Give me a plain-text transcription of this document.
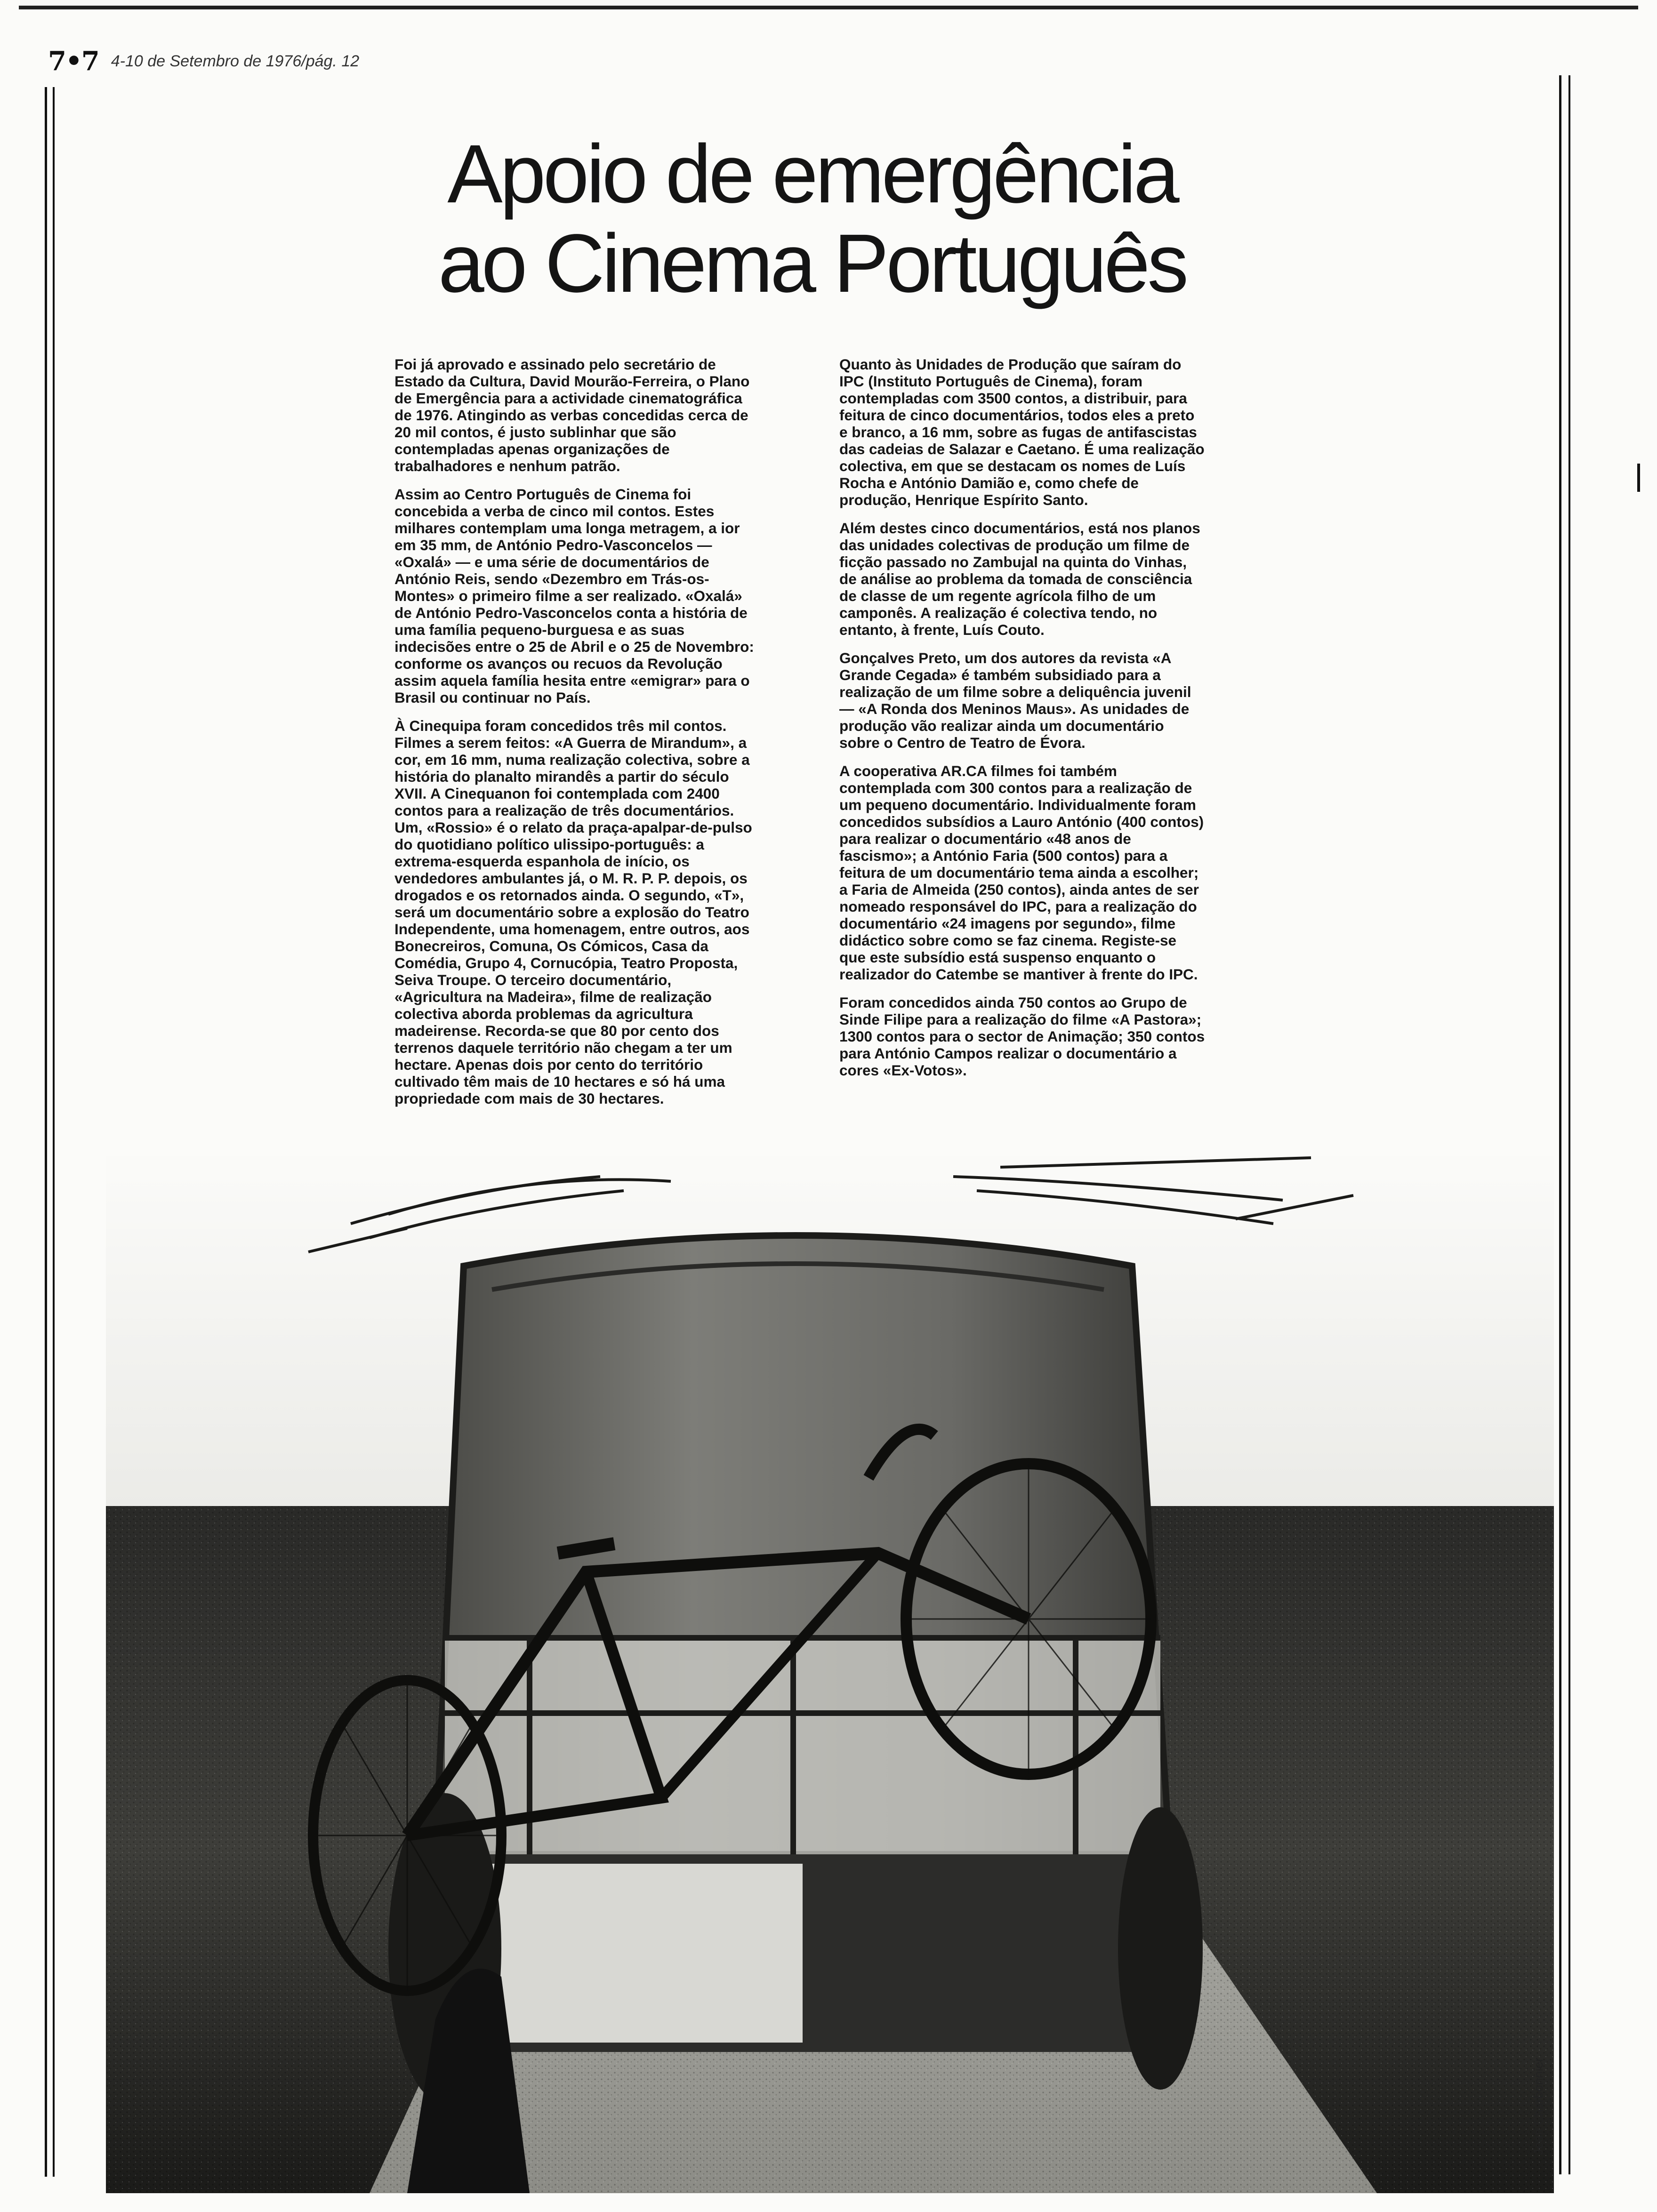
7•7 4-10 de Setembro de 1976/pág. 12
Apoio de emergência
ao Cinema Português

Foi já aprovado e assinado pelo secretário de Estado da Cultura, David Mourão-Ferreira, o Plano de Emergência para a actividade cinematográfica de 1976. Atingindo as verbas concedidas cerca de 20 mil contos, é justo sublinhar que são contempladas apenas organizações de trabalhadores e nenhum patrão.

Assim ao Centro Português de Cinema foi concebida a verba de cinco mil contos. Estes milhares contemplam uma longa metragem, a ior em 35 mm, de António Pedro-Vasconcelos — «Oxalá» — e uma série de documentários de António Reis, sendo «Dezembro em Trás-os-Montes» o primeiro filme a ser realizado. «Oxalá» de António Pedro-Vasconcelos conta a história de uma família pequeno-burguesa e as suas indecisões entre o 25 de Abril e o 25 de Novembro: conforme os avanços ou recuos da Revolução assim aquela família hesita entre «emigrar» para o Brasil ou continuar no País.

À Cinequipa foram concedidos três mil contos. Filmes a serem feitos: «A Guerra de Mirandum», a cor, em 16 mm, numa realização colectiva, sobre a história do planalto mirandês a partir do século XVII. A Cinequanon foi contemplada com 2400 contos para a realização de três documentários. Um, «Rossio» é o relato da praça-apalpar-de-pulso do quotidiano político ulissipo-português: a extrema-esquerda espanhola de início, os vendedores ambulantes já, o M. R. P. P. depois, os drogados e os retornados ainda. O segundo, «T», será um documentário sobre a explosão do Teatro Independente, uma homenagem, entre outros, aos Bonecreiros, Comuna, Os Cómicos, Casa da Comédia, Grupo 4, Cornucópia, Teatro Proposta, Seiva Troupe. O terceiro documentário, «Agricultura na Madeira», filme de realização colectiva aborda problemas da agricultura madeirense. Recorda-se que 80 por cento dos terrenos daquele território não chegam a ter um hectare. Apenas dois por cento do território cultivado têm mais de 10 hectares e só há uma propriedade com mais de 30 hectares.

Quanto às Unidades de Produção que saíram do IPC (Instituto Português de Cinema), foram contempladas com 3500 contos, a distribuir, para feitura de cinco documentários, todos eles a preto e branco, a 16 mm, sobre as fugas de antifascistas das cadeias de Salazar e Caetano. É uma realização colectiva, em que se destacam os nomes de Luís Rocha e António Damião e, como chefe de produção, Henrique Espírito Santo.

Além destes cinco documentários, está nos planos das unidades colectivas de produção um filme de ficção passado no Zambujal na quinta do Vinhas, de análise ao problema da tomada de consciência de classe de um regente agrícola filho de um camponês. A realização é colectiva tendo, no entanto, à frente, Luís Couto.

Gonçalves Preto, um dos autores da revista «A Grande Cegada» é também subsidiado para a realização de um filme sobre a deliquência juvenil — «A Ronda dos Meninos Maus». As unidades de produção vão realizar ainda um documentário sobre o Centro de Teatro de Évora.

A cooperativa AR.CA filmes foi também contemplada com 300 contos para a realização de um pequeno documentário. Individualmente foram concedidos subsídios a Lauro António (400 contos) para realizar o documentário «48 anos de fascismo»; a António Faria (500 contos) para a feitura de um documentário tema ainda a escolher; a Faria de Almeida (250 contos), ainda antes de ser nomeado responsável do IPC, para a realização do documentário «24 imagens por segundo», filme didáctico sobre como se faz cinema. Registe-se que este subsídio está suspenso enquanto o realizador do Catembe se mantiver à frente do IPC.

Foram concedidos ainda 750 contos ao Grupo de Sinde Filipe para a realização do filme «A Pastora»; 1300 contos para o sector de Animação; 350 contos para António Campos realizar o documentário a cores «Ex-Votos».

Jean Charbonnier
